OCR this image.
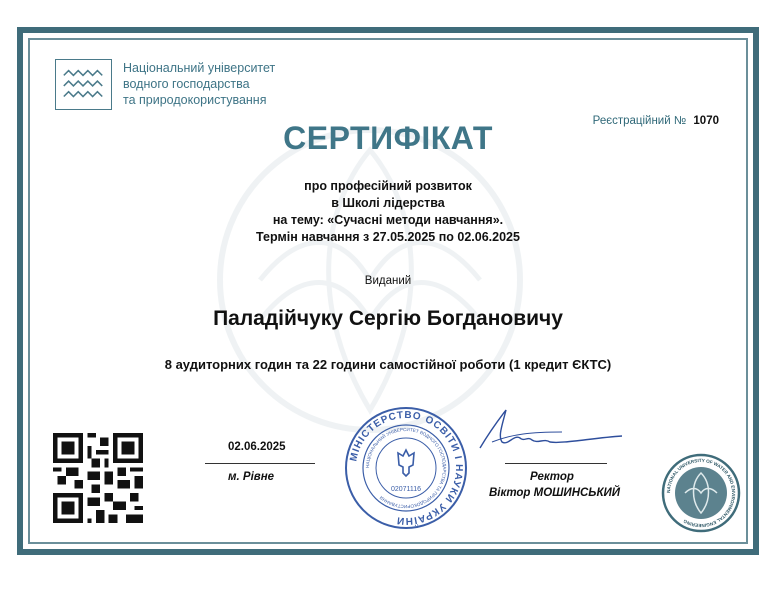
Національний університет
водного господарства
та природокористування
Реєстраційний № 1070
СЕРТИФІКАТ
про професійний розвиток
в Школі лідерства
на тему: «Сучасні методи навчання».
Термін навчання з 27.05.2025 по 02.06.2025
Виданий
Паладійчуку Сергію Богдановичу
8 аудиторних годин та 22 години самостійної роботи (1 кредит ЄКТС)
02.06.2025
м. Рівне
МІНІСТЕРСТВО ОСВІТИ І НАУКИ УКРАЇНИ
НАЦІОНАЛЬНИЙ УНІВЕРСИТЕТ ВОДНОГО ГОСПОДАРСТВА ТА ПРИРОДОКОРИСТУВАННЯ
02071116
Ректор
Віктор МОШИНСЬКИЙ	NATIONAL UNIVERSITY OF WATER AND ENVIRONMENTAL ENGINEERING
